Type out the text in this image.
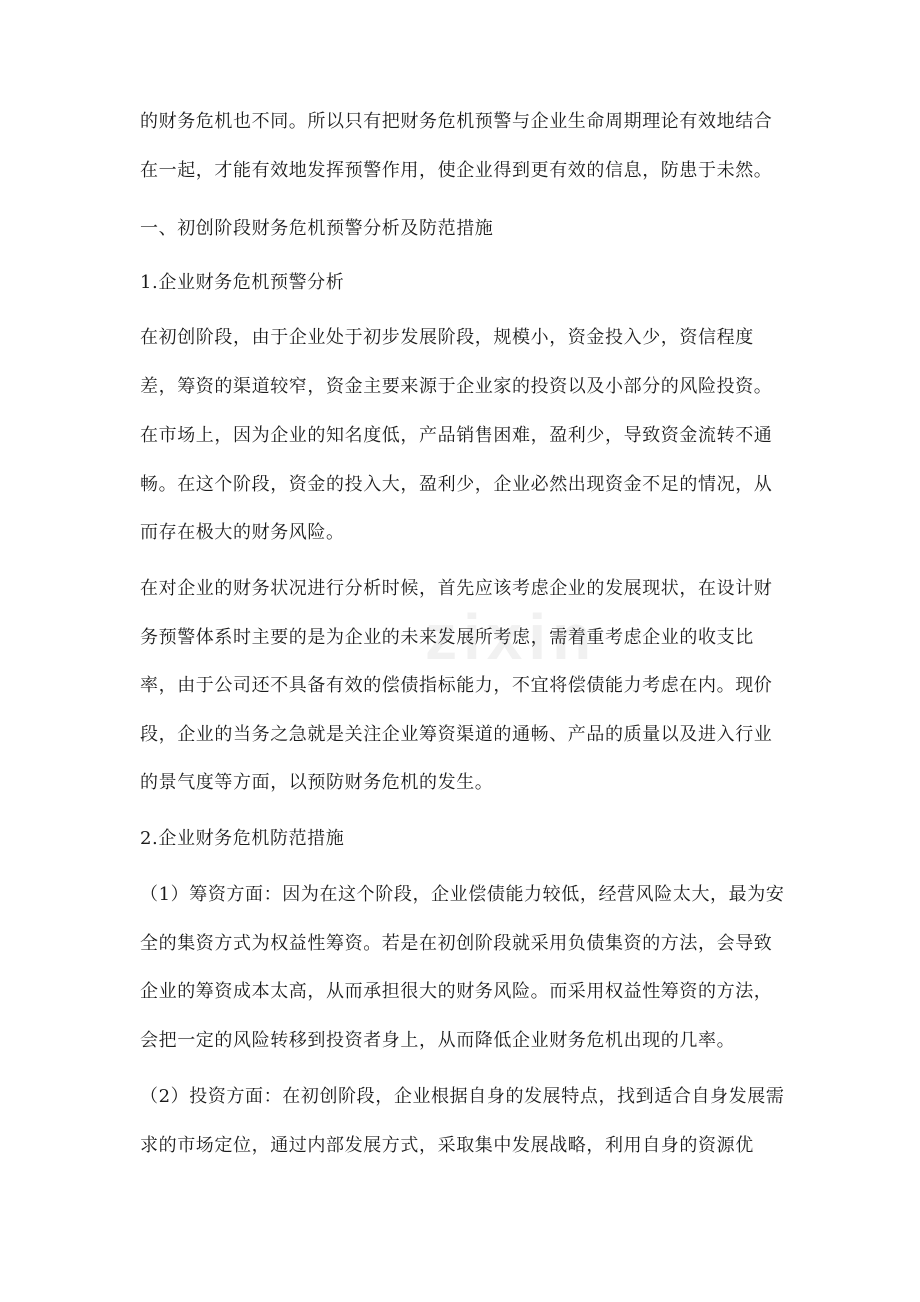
zixin
的财务危机也不同。所以只有把财务危机预警与企业生命周期理论有效地结合
在一起，才能有效地发挥预警作用，使企业得到更有效的信息，防患于未然。
一、初创阶段财务危机预警分析及防范措施
1.企业财务危机预警分析
在初创阶段，由于企业处于初步发展阶段，规模小，资金投入少，资信程度
差，筹资的渠道较窄，资金主要来源于企业家的投资以及小部分的风险投资。
在市场上，因为企业的知名度低，产品销售困难，盈利少，导致资金流转不通
畅。在这个阶段，资金的投入大，盈利少，企业必然出现资金不足的情况，从
而存在极大的财务风险。
在对企业的财务状况进行分析时候，首先应该考虑企业的发展现状，在设计财
务预警体系时主要的是为企业的未来发展所考虑，需着重考虑企业的收支比
率，由于公司还不具备有效的偿债指标能力，不宜将偿债能力考虑在内。现价
段，企业的当务之急就是关注企业筹资渠道的通畅、产品的质量以及进入行业
的景气度等方面，以预防财务危机的发生。
2.企业财务危机防范措施
（1）筹资方面：因为在这个阶段，企业偿债能力较低，经营风险太大，最为安
全的集资方式为权益性筹资。若是在初创阶段就采用负债集资的方法，会导致
企业的筹资成本太高，从而承担很大的财务风险。而采用权益性筹资的方法，
会把一定的风险转移到投资者身上，从而降低企业财务危机出现的几率。
（2）投资方面：在初创阶段，企业根据自身的发展特点，找到适合自身发展需
求的市场定位，通过内部发展方式，采取集中发展战略，利用自身的资源优
